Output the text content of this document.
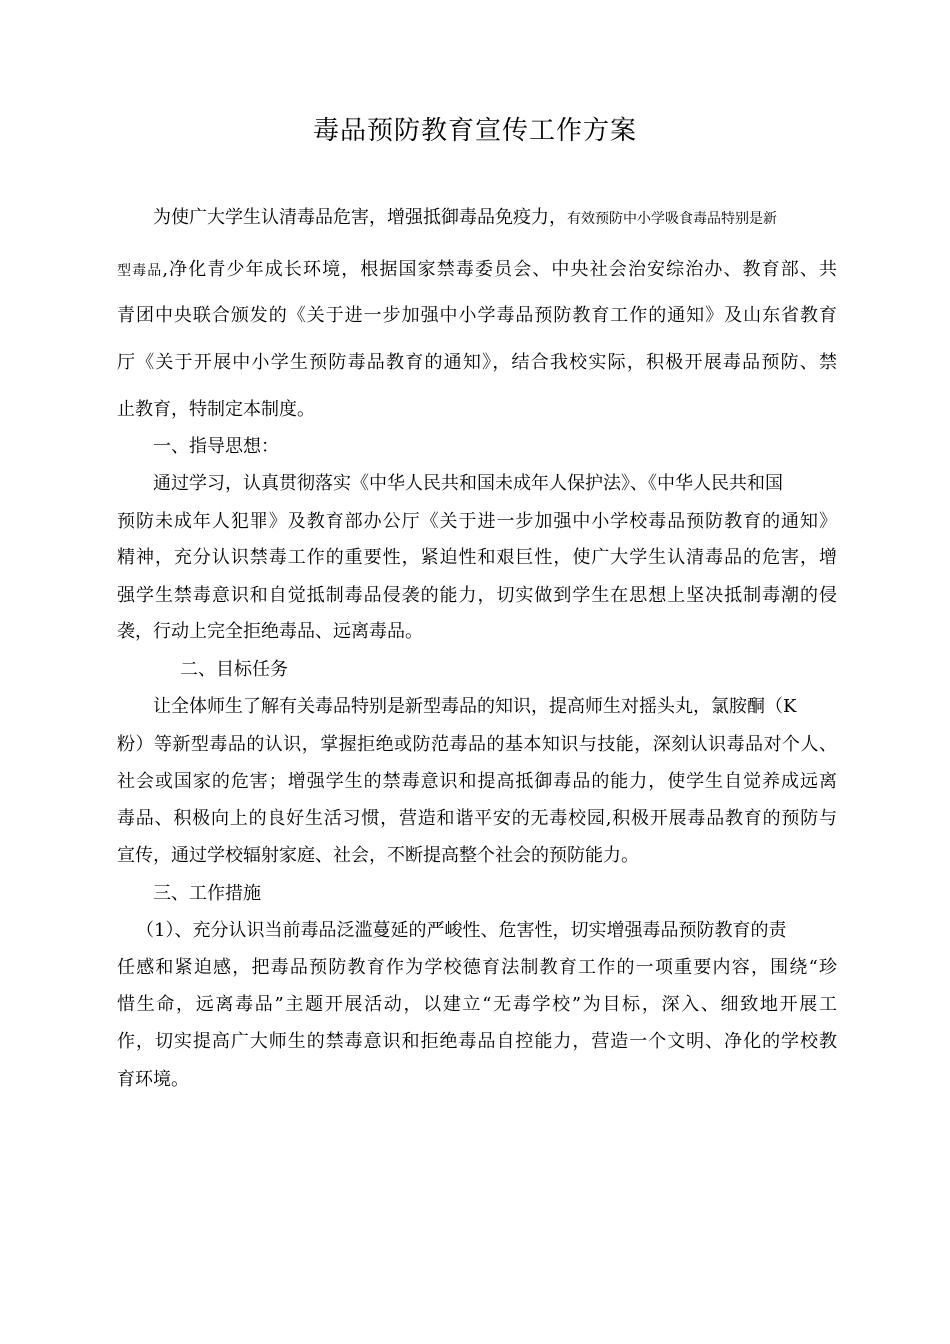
毒品预防教育宣传工作方案

为使广大学生认清毒品危害，增强抵御毒品免疫力，有效预防中小学吸食毒品特别是新

型毒品,净化青少年成长环境，根据国家禁毒委员会、中央社会治安综治办、教育部、共

青团中央联合颁发的《关于进一步加强中小学毒品预防教育工作的通知》及山东省教育

厅《关于开展中小学生预防毒品教育的通知》，结合我校实际，积极开展毒品预防、禁

止教育，特制定本制度。

一、指导思想：

通过学习，认真贯彻落实《中华人民共和国未成年人保护法》、《中华人民共和国

预防未成年人犯罪》及教育部办公厅《关于进一步加强中小学校毒品预防教育的通知》

精神，充分认识禁毒工作的重要性，紧迫性和艰巨性，使广大学生认清毒品的危害，增

强学生禁毒意识和自觉抵制毒品侵袭的能力，切实做到学生在思想上坚决抵制毒潮的侵

袭，行动上完全拒绝毒品、远离毒品。

二、目标任务

让全体师生了解有关毒品特别是新型毒品的知识，提高师生对摇头丸，氯胺酮（K

粉）等新型毒品的认识，掌握拒绝或防范毒品的基本知识与技能，深刻认识毒品对个人、

社会或国家的危害；增强学生的禁毒意识和提高抵御毒品的能力，使学生自觉养成远离

毒品、积极向上的良好生活习惯，营造和谐平安的无毒校园,积极开展毒品教育的预防与

宣传，通过学校辐射家庭、社会，不断提高整个社会的预防能力。

三、工作措施

（1）、充分认识当前毒品泛滥蔓延的严峻性、危害性，切实增强毒品预防教育的责

任感和紧迫感，把毒品预防教育作为学校德育法制教育工作的一项重要内容，围绕“珍

惜生命，远离毒品”主题开展活动，以建立“无毒学校”为目标，深入、细致地开展工

作，切实提高广大师生的禁毒意识和拒绝毒品自控能力，营造一个文明、净化的学校教

育环境。
